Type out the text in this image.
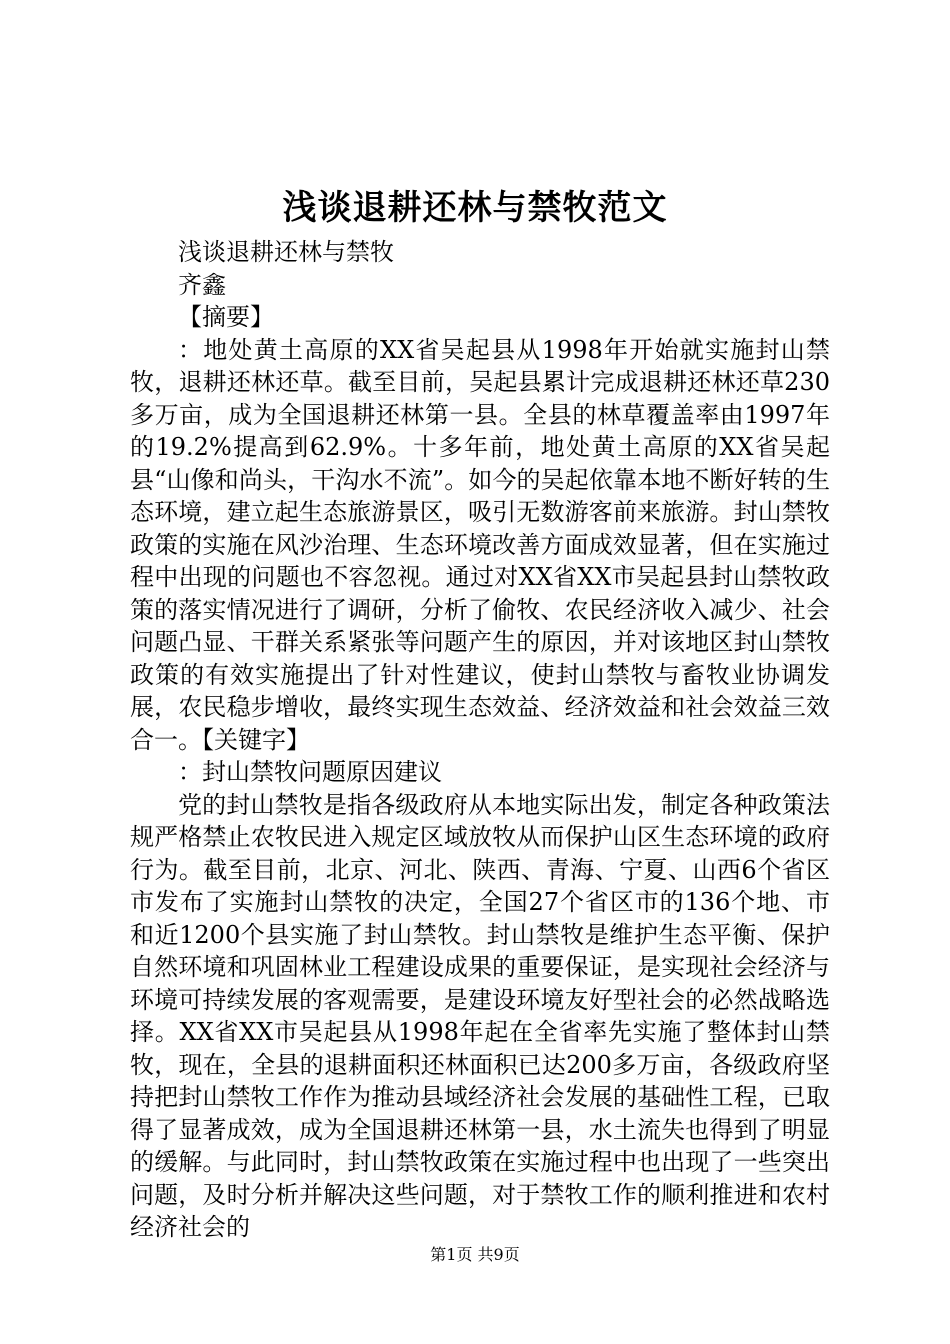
浅谈退耕还林与禁牧范文

浅谈退耕还林与禁牧

齐鑫

【摘要】

：地处黄土高原的XX省吴起县从1998年开始就实施封山禁牧，退耕还林还草。截至目前，吴起县累计完成退耕还林还草230多万亩，成为全国退耕还林第一县。全县的林草覆盖率由1997年的19.2%提高到62.9%。十多年前，地处黄土高原的XX省吴起县“山像和尚头，干沟水不流”。如今的吴起依靠本地不断好转的生态环境，建立起生态旅游景区，吸引无数游客前来旅游。封山禁牧政策的实施在风沙治理、生态环境改善方面成效显著，但在实施过程中出现的问题也不容忽视。通过对XX省XX市吴起县封山禁牧政策的落实情况进行了调研，分析了偷牧、农民经济收入减少、社会问题凸显、干群关系紧张等问题产生的原因，并对该地区封山禁牧政策的有效实施提出了针对性建议，使封山禁牧与畜牧业协调发展，农民稳步增收，最终实现生态效益、经济效益和社会效益三效合一。【关键字】

：封山禁牧问题原因建议

党的封山禁牧是指各级政府从本地实际出发，制定各种政策法规严格禁止农牧民进入规定区域放牧从而保护山区生态环境的政府行为。截至目前，北京、河北、陕西、青海、宁夏、山西6个省区市发布了实施封山禁牧的决定，全国27个省区市的136个地、市和近1200个县实施了封山禁牧。封山禁牧是维护生态平衡、保护自然环境和巩固林业工程建设成果的重要保证，是实现社会经济与环境可持续发展的客观需要，是建设环境友好型社会的必然战略选择。XX省XX市吴起县从1998年起在全省率先实施了整体封山禁牧，现在，全县的退耕面积还林面积已达200多万亩，各级政府坚持把封山禁牧工作作为推动县域经济社会发展的基础性工程，已取得了显著成效，成为全国退耕还林第一县，水土流失也得到了明显的缓解。与此同时，封山禁牧政策在实施过程中也出现了一些突出问题，及时分析并解决这些问题，对于禁牧工作的顺利推进和农村经济社会的

第1页 共9页
